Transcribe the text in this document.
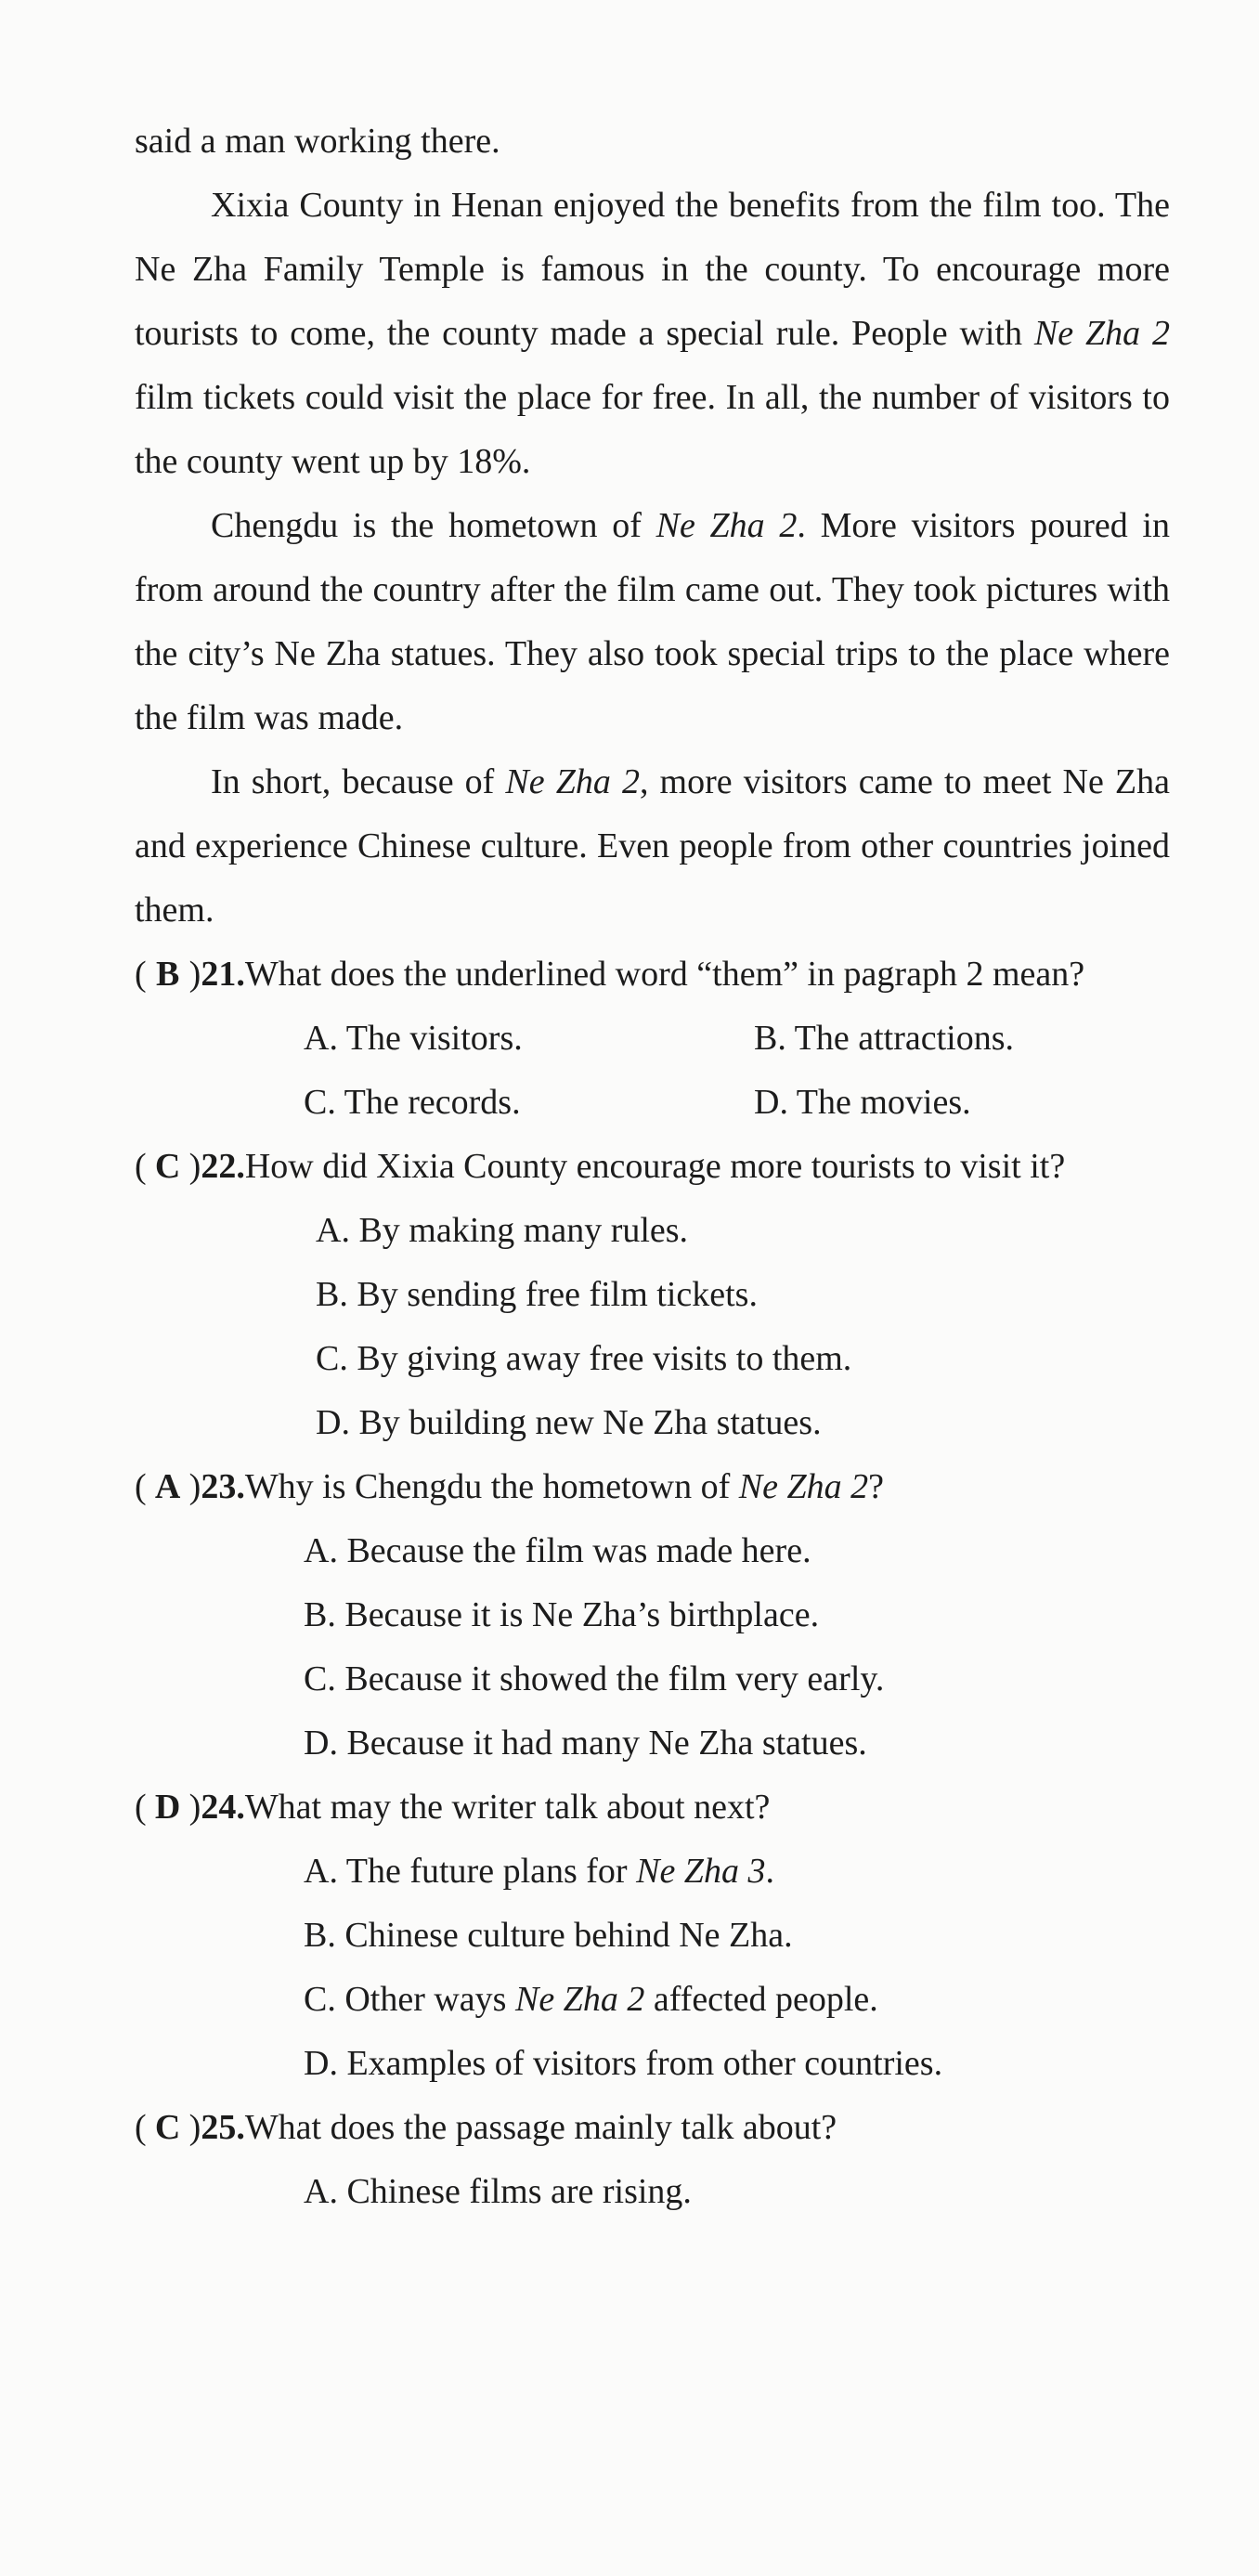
said a man working there.

Xixia County in Henan enjoyed the benefits from the film too. The Ne Zha Family Temple is famous in the county. To encourage more tourists to come, the county made a special rule. People with Ne Zha 2 film tickets could visit the place for free. In all, the number of visitors to the county went up by 18%.

Chengdu is the hometown of Ne Zha 2. More visitors poured in from around the country after the film came out. They took pictures with the city’s Ne Zha statues. They also took special trips to the place where the film was made.

In short, because of Ne Zha 2, more visitors came to meet Ne Zha and experience Chinese culture. Even people from other countries joined them.

( B ) 21. What does the underlined word “them” in pagraph 2 mean?
A. The visitors.	B. The attractions.
C. The records.	D. The movies.
( C ) 22. How did Xixia County encourage more tourists to visit it?
A. By making many rules.
B. By sending free film tickets.
C. By giving away free visits to them.
D. By building new Ne Zha statues.
( A ) 23. Why is Chengdu the hometown of Ne Zha 2?
A. Because the film was made here.
B. Because it is Ne Zha’s birthplace.
C. Because it showed the film very early.
D. Because it had many Ne Zha statues.
( D ) 24. What may the writer talk about next?
A. The future plans for Ne Zha 3.
B. Chinese culture behind Ne Zha.
C. Other ways Ne Zha 2 affected people.
D. Examples of visitors from other countries.
( C ) 25. What does the passage mainly talk about?
A. Chinese films are rising.
